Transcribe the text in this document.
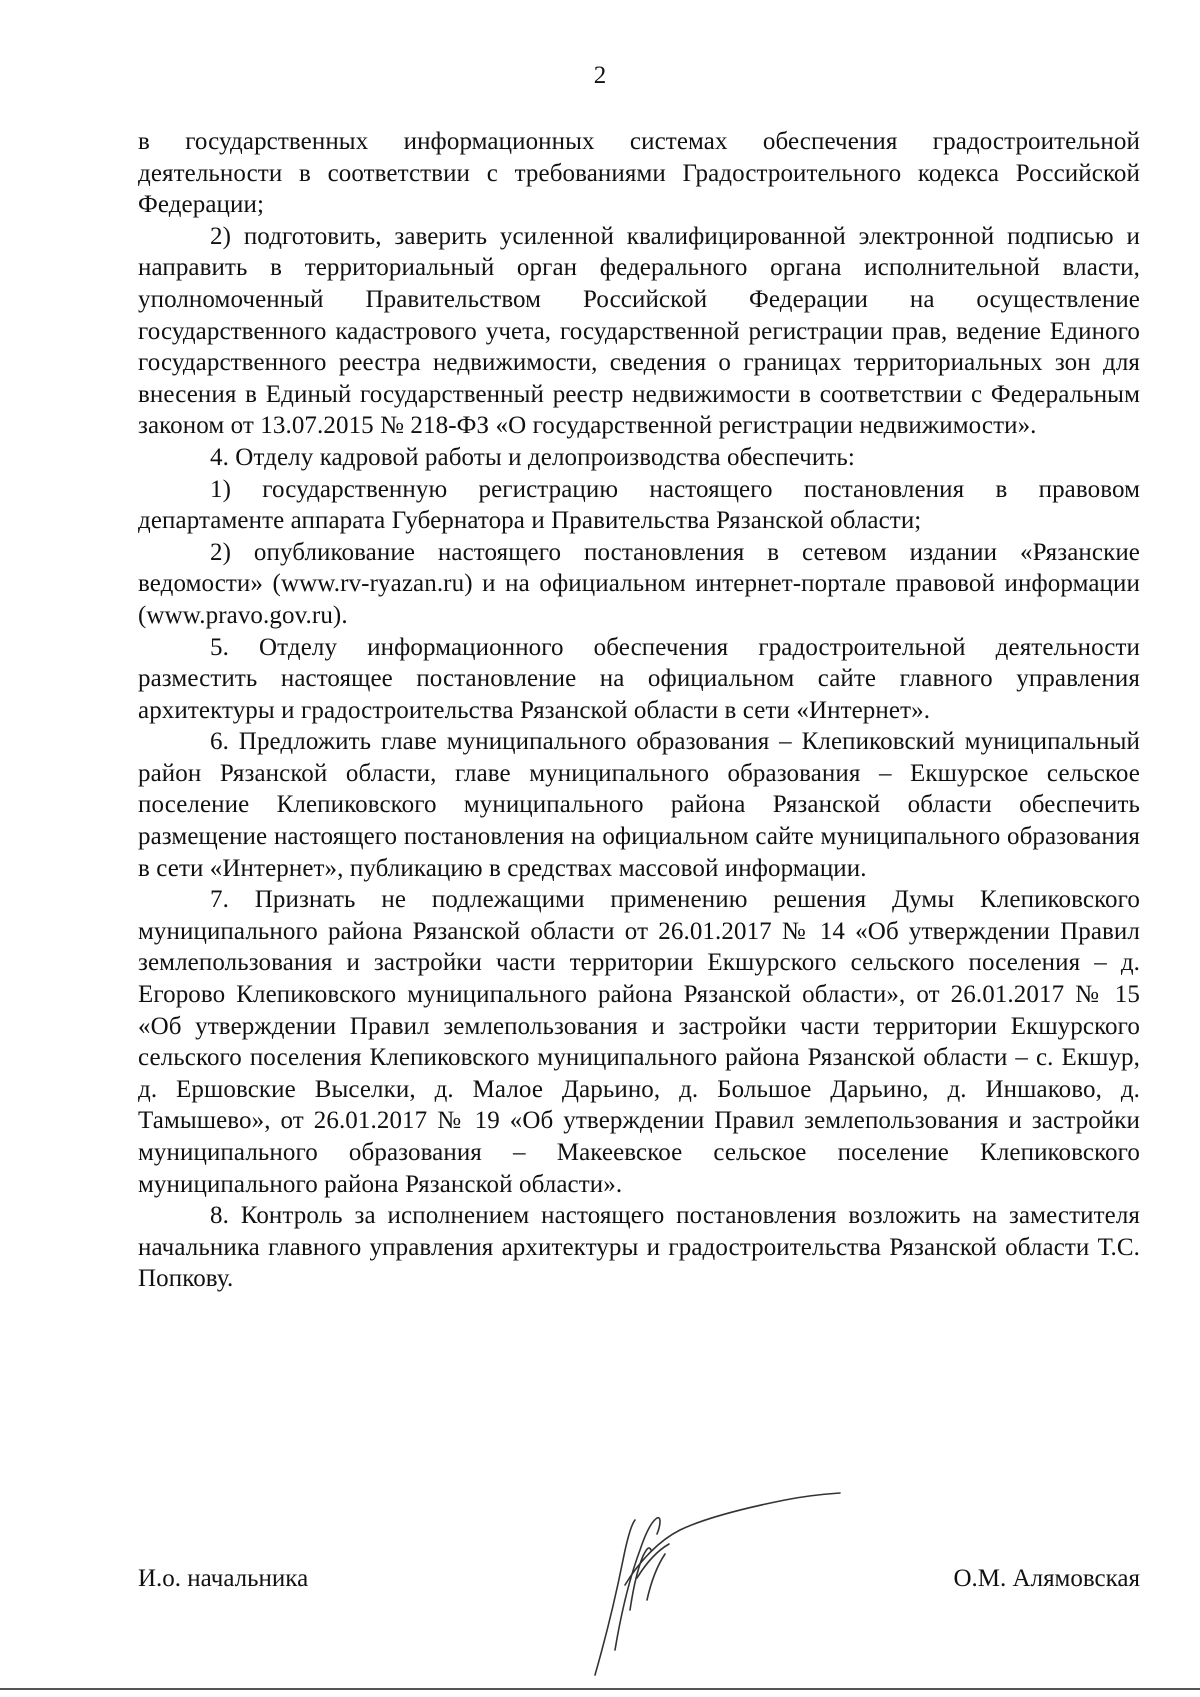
2

в государственных информационных системах обеспечения градостроительной деятельности в соответствии с требованиями Градостроительного кодекса Российской Федерации;

2) подготовить, заверить усиленной квалифицированной электронной подписью и направить в территориальный орган федерального органа исполнительной власти, уполномоченный Правительством Российской Федерации на осуществление государственного кадастрового учета, государственной регистрации прав, ведение Единого государственного реестра недвижимости, сведения о границах территориальных зон для внесения в Единый государственный реестр недвижимости в соответствии с Федеральным законом от 13.07.2015 № 218-ФЗ «О государственной регистрации недвижимости».

4. Отделу кадровой работы и делопроизводства обеспечить:

1) государственную регистрацию настоящего постановления в правовом департаменте аппарата Губернатора и Правительства Рязанской области;

2) опубликование настоящего постановления в сетевом издании «Рязанские ведомости» (www.rv-ryazan.ru) и на официальном интернет-портале правовой информации (www.pravo.gov.ru).

5. Отделу информационного обеспечения градостроительной деятельности разместить настоящее постановление на официальном сайте главного управления архитектуры и градостроительства Рязанской области в сети «Интернет».

6. Предложить главе муниципального образования – Клепиковский муниципальный район Рязанской области, главе муниципального образования – Екшурское сельское поселение Клепиковского муниципального района Рязанской области обеспечить размещение настоящего постановления на официальном сайте муниципального образования в сети «Интернет», публикацию в средствах массовой информации.

7. Признать не подлежащими применению решения Думы Клепиковского муниципального района Рязанской области от 26.01.2017 № 14 «Об утверждении Правил землепользования и застройки части территории Екшурского сельского поселения – д. Егорово Клепиковского муниципального района Рязанской области», от 26.01.2017 № 15 «Об утверждении Правил землепользования и застройки части территории Екшурского сельского поселения Клепиковского муниципального района Рязанской области – с. Екшур, д. Ершовские Выселки, д. Малое Дарьино, д. Большое Дарьино, д. Иншаково, д. Тамышево», от 26.01.2017 № 19 «Об утверждении Правил землепользования и застройки муниципального образования – Макеевское сельское поселение Клепиковского муниципального района Рязанской области».

8. Контроль за исполнением настоящего постановления возложить на заместителя начальника главного управления архитектуры и градостроительства Рязанской области Т.С. Попкову.

И.о. начальника	О.М. Алямовская
